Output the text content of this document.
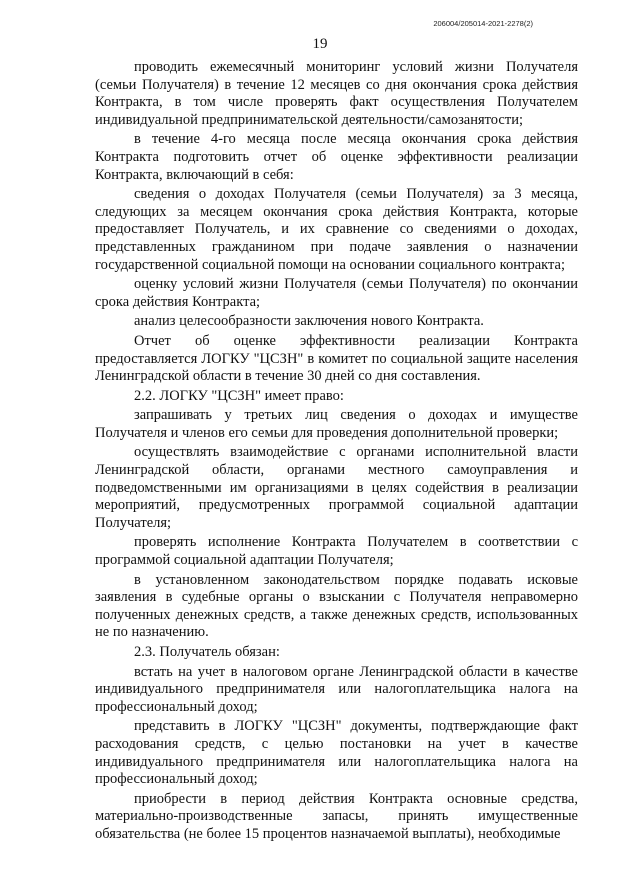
206004/205014-2021-2278(2)
19

проводить ежемесячный мониторинг условий жизни Получателя (семьи Получателя) в течение 12 месяцев со дня окончания срока действия Контракта, в том числе проверять факт осуществления Получателем индивидуальной предпринимательской деятельности/самозанятости;

в течение 4-го месяца после месяца окончания срока действия Контракта подготовить отчет об оценке эффективности реализации Контракта, включающий в себя:

сведения о доходах Получателя (семьи Получателя) за 3 месяца, следующих за месяцем окончания срока действия Контракта, которые предоставляет Получатель, и их сравнение со сведениями о доходах, представленных гражданином при подаче заявления о назначении государственной социальной помощи на основании социального контракта;

оценку условий жизни Получателя (семьи Получателя) по окончании срока действия Контракта;

анализ целесообразности заключения нового Контракта.

Отчет об оценке эффективности реализации Контракта предоставляется ЛОГКУ "ЦСЗН" в комитет по социальной защите населения Ленинградской области в течение 30 дней со дня составления.

2.2. ЛОГКУ "ЦСЗН" имеет право:

запрашивать у третьих лиц сведения о доходах и имуществе Получателя и членов его семьи для проведения дополнительной проверки;

осуществлять взаимодействие с органами исполнительной власти Ленинградской области, органами местного самоуправления и подведомственными им организациями в целях содействия в реализации мероприятий, предусмотренных программой социальной адаптации Получателя;

проверять исполнение Контракта Получателем в соответствии с программой социальной адаптации Получателя;

в установленном законодательством порядке подавать исковые заявления в судебные органы о взыскании с Получателя неправомерно полученных денежных средств, а также денежных средств, использованных не по назначению.

2.3. Получатель обязан:

встать на учет в налоговом органе Ленинградской области в качестве индивидуального предпринимателя или налогоплательщика налога на профессиональный доход;

представить в ЛОГКУ "ЦСЗН" документы, подтверждающие факт расходования средств, с целью постановки на учет в качестве индивидуального предпринимателя или налогоплательщика налога на профессиональный доход;

приобрести в период действия Контракта основные средства, материально-производственные запасы, принять имущественные обязательства (не более 15 процентов назначаемой выплаты), необходимые
